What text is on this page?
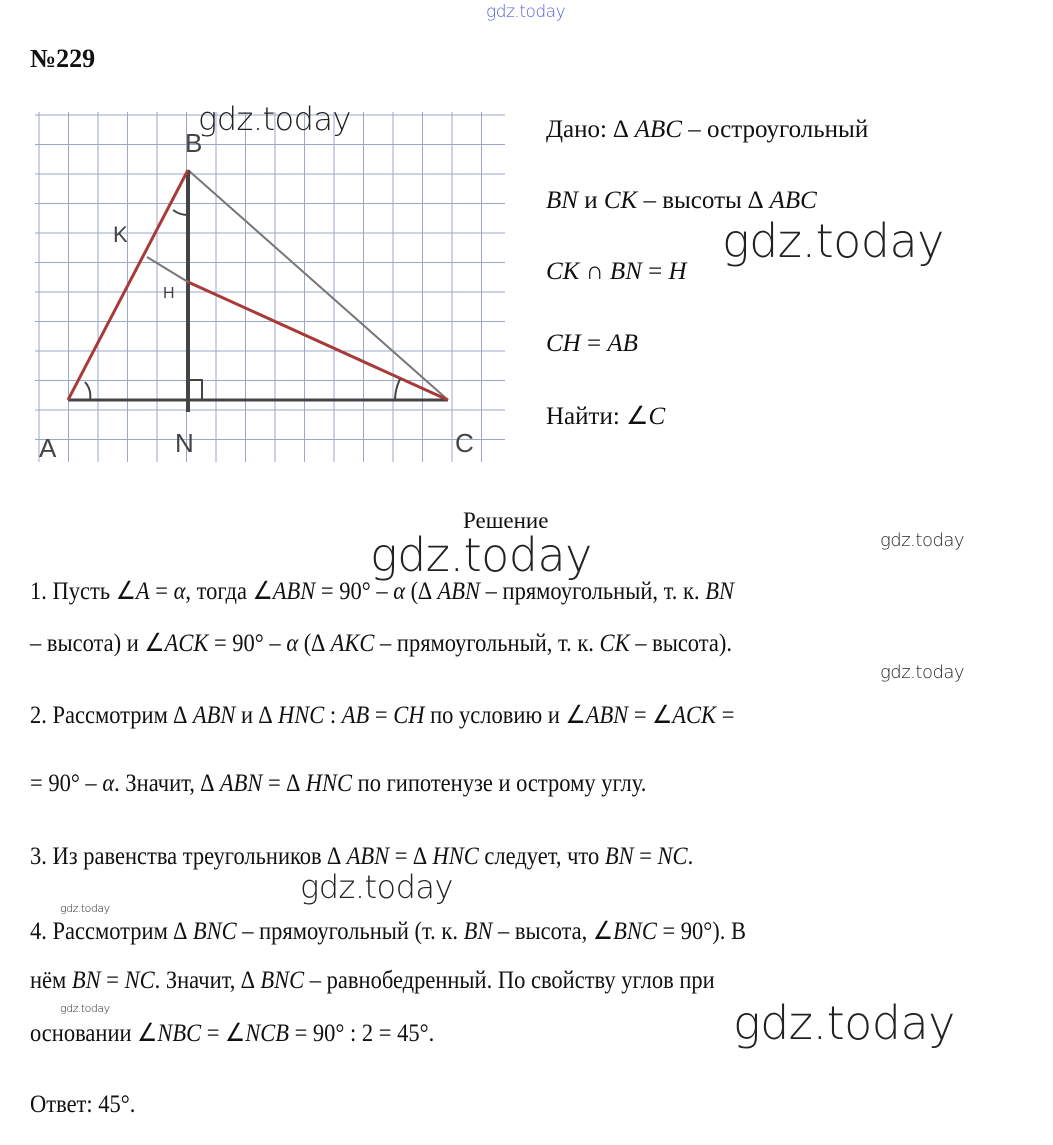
№229
B
A	C
N
H
K
Дано: ∆ ABC – остроугольный
BN и CK – высоты ∆ ABC
CK ∩ BN = H
CH = AB
Найти: ∠C
Решение
1. Пусть ∠A = α, тогда ∠ABN = 90° – α (∆ ABN – прямоугольный, т. к. BN
– высота) и ∠ACK = 90° – α (∆ AKC – прямоугольный, т. к. CK – высота).
2. Рассмотрим ∆ ABN и ∆ HNC : AB = CH по условию и ∠ABN = ∠ACK =
= 90° – α. Значит, ∆ ABN = ∆ HNC по гипотенузе и острому углу.
3. Из равенства треугольников ∆ ABN = ∆ HNC следует, что BN = NC.
4. Рассмотрим ∆ BNC – прямоугольный (т. к. BN – высота, ∠BNC = 90°). В
нём BN = NC. Значит, ∆ BNC – равнобедренный. По свойству углов при
основании ∠NBC = ∠NCB = 90° : 2 = 45°.
Ответ: 45°.
gdz.today
gdz.today
gdz.today
gdz.today	gdz.today
gdz.today
gdz.today
gdz.today
gdz.today	gdz.today
